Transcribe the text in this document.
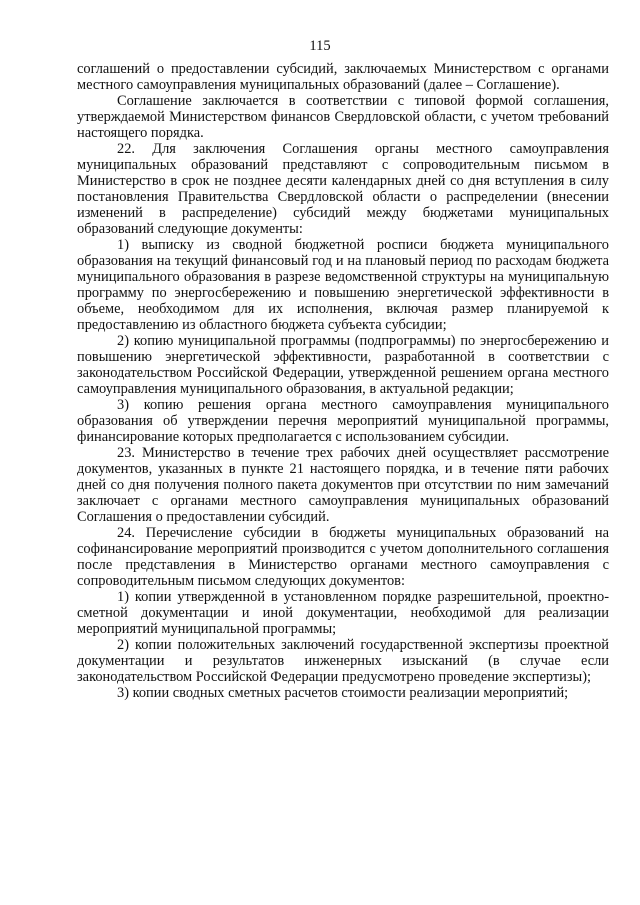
115

соглашений о предоставлении субсидий, заключаемых Министерством с органами местного самоуправления муниципальных образований (далее – Соглашение).

Соглашение заключается в соответствии с типовой формой соглашения, утверждаемой Министерством финансов Свердловской области, с учетом требований настоящего порядка.

22. Для заключения Соглашения органы местного самоуправления муниципальных образований представляют с сопроводительным письмом в Министерство в срок не позднее десяти календарных дней со дня вступления в силу постановления Правительства Свердловской области о распределении (внесении изменений в распределение) субсидий между бюджетами муниципальных образований следующие документы:

1) выписку из сводной бюджетной росписи бюджета муниципального образования на текущий финансовый год и на плановый период по расходам бюджета муниципального образования в разрезе ведомственной структуры на муниципальную программу по энергосбережению и повышению энергетической эффективности в объеме, необходимом для их исполнения, включая размер планируемой к предоставлению из областного бюджета субъекта субсидии;

2) копию муниципальной программы (подпрограммы) по энергосбережению и повышению энергетической эффективности, разработанной в соответствии с законодательством Российской Федерации, утвержденной решением органа местного самоуправления муниципального образования, в актуальной редакции;

3) копию решения органа местного самоуправления муниципального образования об утверждении перечня мероприятий муниципальной программы, финансирование которых предполагается с использованием субсидии.

23. Министерство в течение трех рабочих дней осуществляет рассмотрение документов, указанных в пункте 21 настоящего порядка, и в течение пяти рабочих дней со дня получения полного пакета документов при отсутствии по ним замечаний заключает с органами местного самоуправления муниципальных образований Соглашения о предоставлении субсидий.

24. Перечисление субсидии в бюджеты муниципальных образований на софинансирование мероприятий производится с учетом дополнительного соглашения после представления в Министерство органами местного самоуправления с сопроводительным письмом следующих документов:

1) копии утвержденной в установленном порядке разрешительной, проектно-сметной документации и иной документации, необходимой для реализации мероприятий муниципальной программы;

2) копии положительных заключений государственной экспертизы проектной документации и результатов инженерных изысканий (в случае если законодательством Российской Федерации предусмотрено проведение экспертизы);

3) копии сводных сметных расчетов стоимости реализации мероприятий;
